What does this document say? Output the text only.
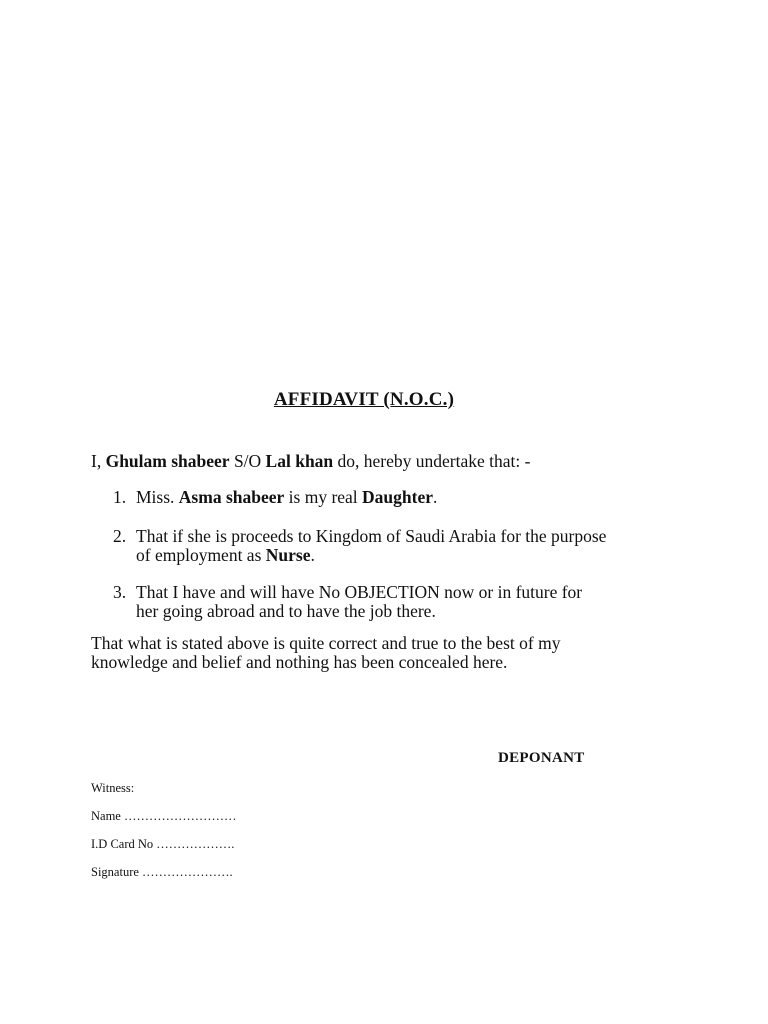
AFFIDAVIT (N.O.C.)
I, Ghulam shabeer S/O Lal khan do, hereby undertake that: -
1. Miss. Asma shabeer is my real Daughter.
2. That if she is proceeds to Kingdom of Saudi Arabia for the purpose
of employment as Nurse.
3. That I have and will have No OBJECTION now or in future for
her going abroad and to have the job there.
That what is stated above is quite correct and true to the best of my
knowledge and belief and nothing has been concealed here.
DEPONANT
Witness:
Name ………………………
I.D Card No ……………….
Signature ………………….
